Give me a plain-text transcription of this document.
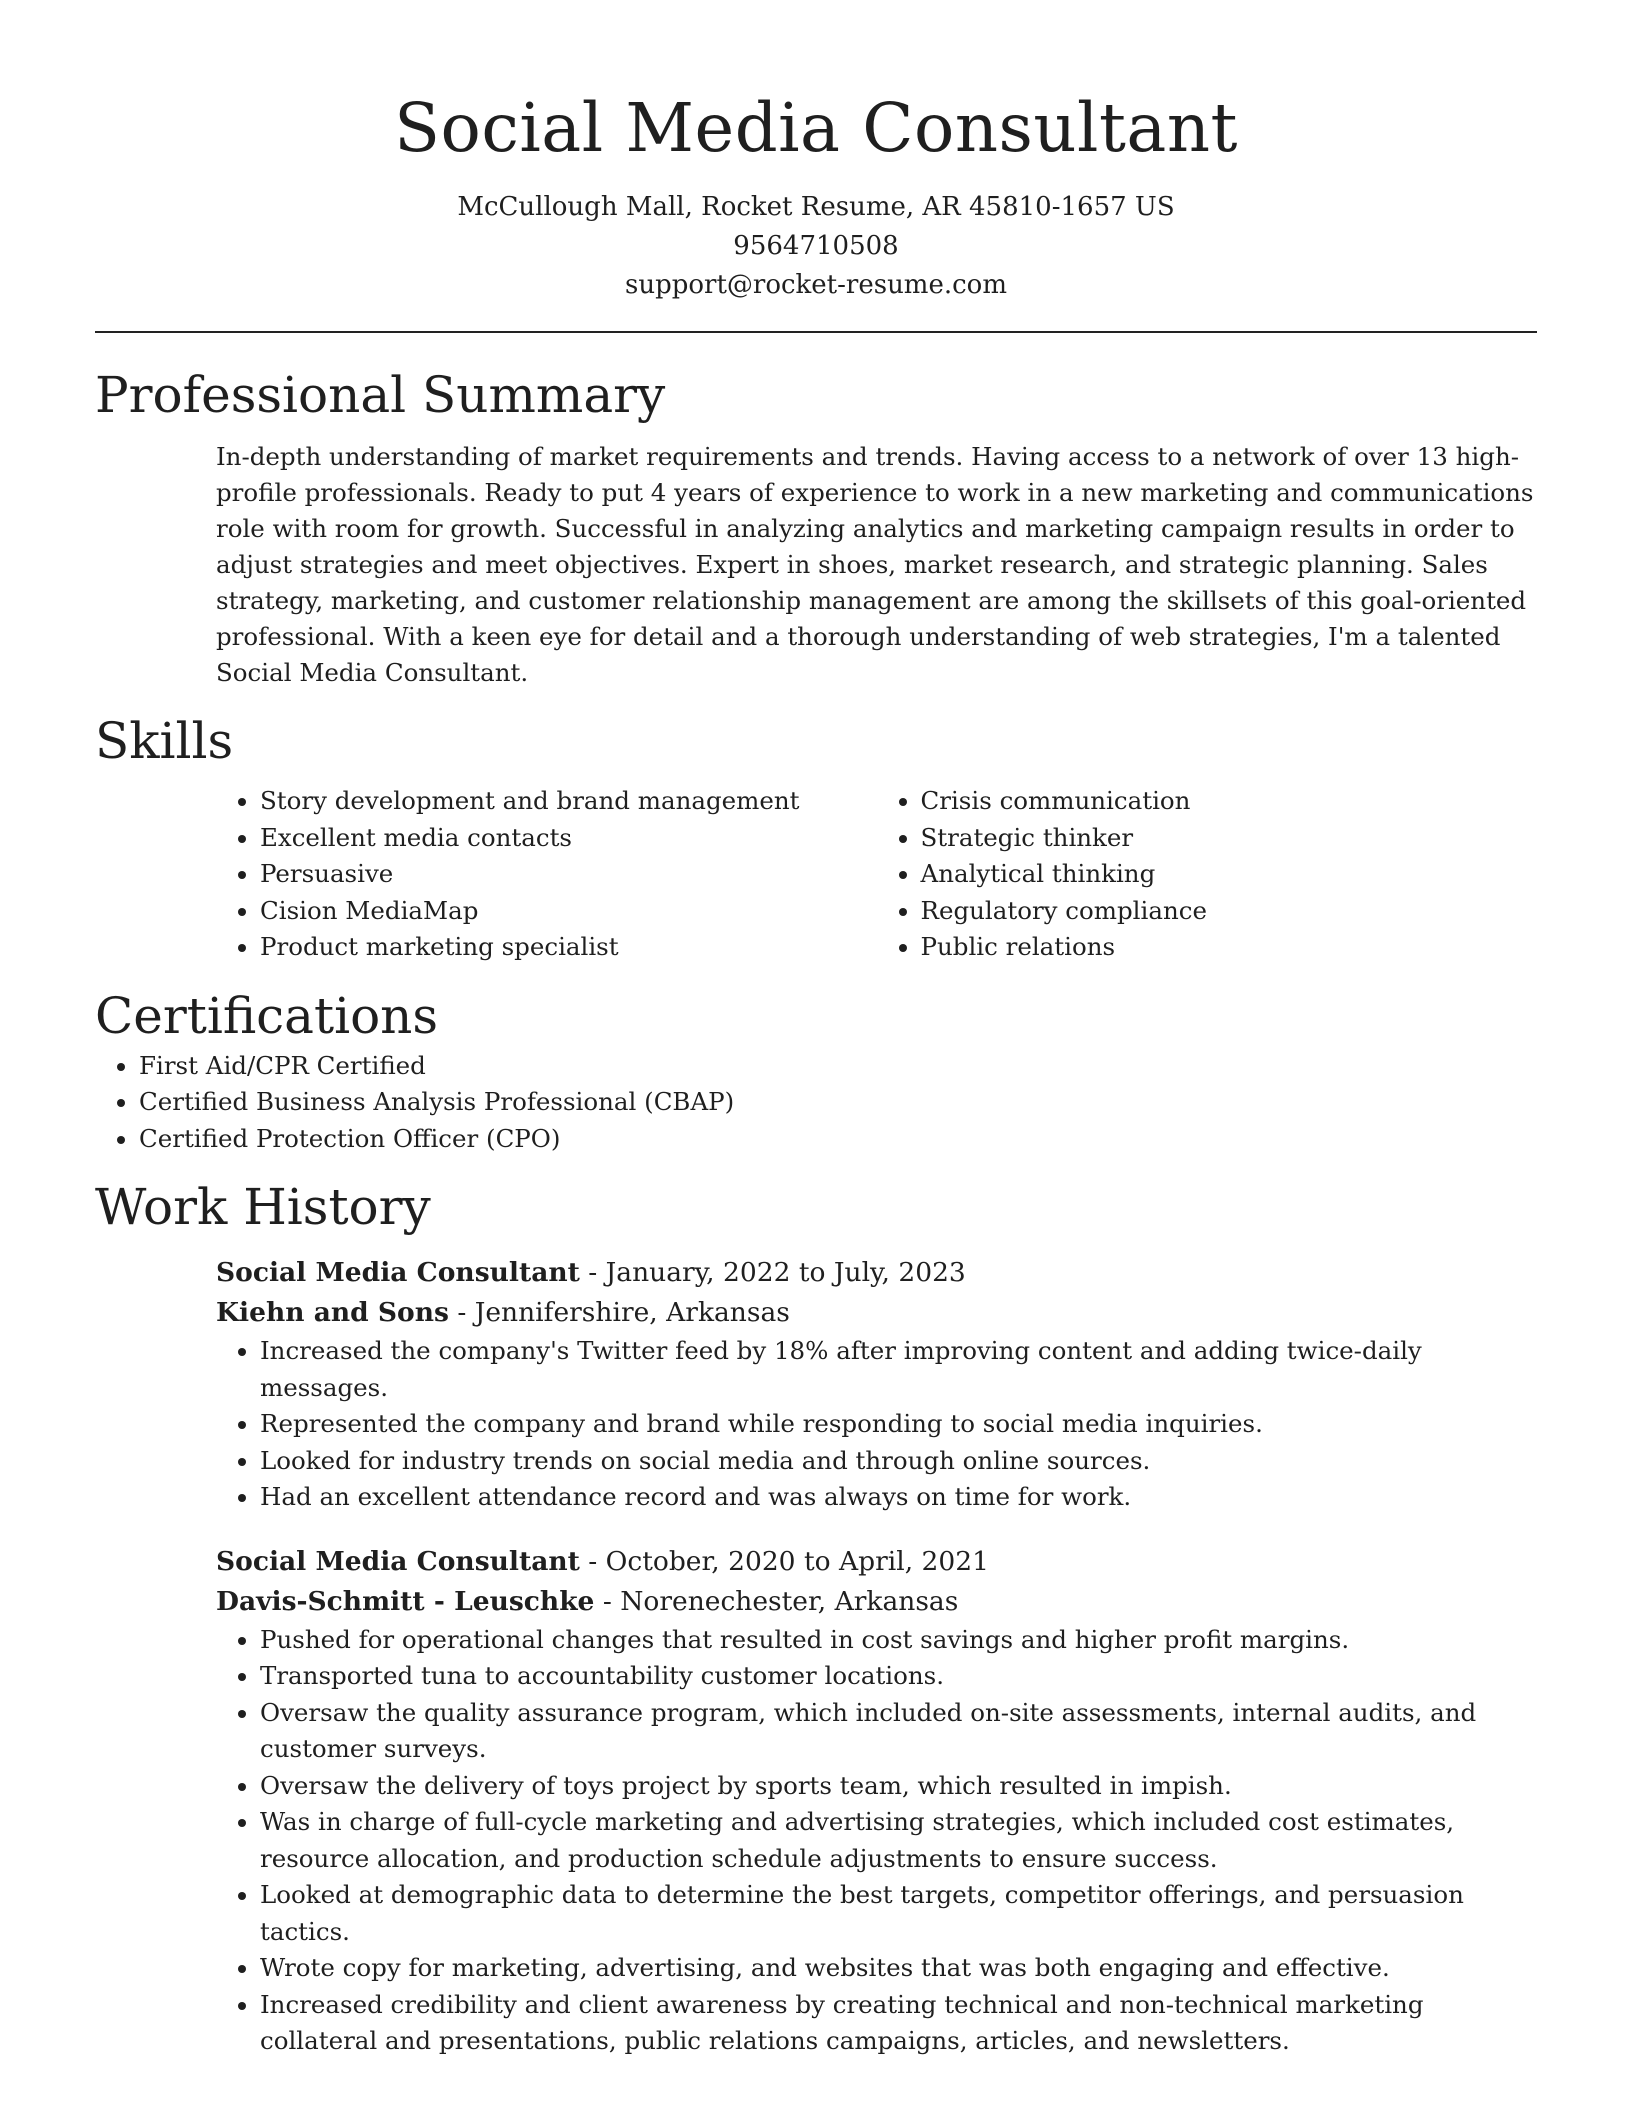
Social Media Consultant
McCullough Mall, Rocket Resume, AR 45810-1657 US
9564710508
support@rocket-resume.com
Professional Summary
In-depth understanding of market requirements and trends. Having access to a network of over 13 high-profile professionals. Ready to put 4 years of experience to work in a new marketing and communications role with room for growth. Successful in analyzing analytics and marketing campaign results in order to adjust strategies and meet objectives. Expert in shoes, market research, and strategic planning. Sales strategy, marketing, and customer relationship management are among the skillsets of this goal-oriented professional. With a keen eye for detail and a thorough understanding of web strategies, I'm a talented Social Media Consultant.
Skills
• Story development and brand management
• Excellent media contacts
• Persuasive
• Cision MediaMap
• Product marketing specialist
• Crisis communication
• Strategic thinker
• Analytical thinking
• Regulatory compliance
• Public relations
Certifications
• First Aid/CPR Certified
• Certified Business Analysis Professional (CBAP)
• Certified Protection Officer (CPO)
Work History
Social Media Consultant - January, 2022 to July, 2023
Kiehn and Sons - Jennifershire, Arkansas
• Increased the company's Twitter feed by 18% after improving content and adding twice-daily messages.
• Represented the company and brand while responding to social media inquiries.
• Looked for industry trends on social media and through online sources.
• Had an excellent attendance record and was always on time for work.
Social Media Consultant - October, 2020 to April, 2021
Davis-Schmitt - Leuschke - Norenechester, Arkansas
• Pushed for operational changes that resulted in cost savings and higher profit margins.
• Transported tuna to accountability customer locations.
• Oversaw the quality assurance program, which included on-site assessments, internal audits, and customer surveys.
• Oversaw the delivery of toys project by sports team, which resulted in impish.
• Was in charge of full-cycle marketing and advertising strategies, which included cost estimates, resource allocation, and production schedule adjustments to ensure success.
• Looked at demographic data to determine the best targets, competitor offerings, and persuasion tactics.
• Wrote copy for marketing, advertising, and websites that was both engaging and effective.
• Increased credibility and client awareness by creating technical and non-technical marketing collateral and presentations, public relations campaigns, articles, and newsletters.
